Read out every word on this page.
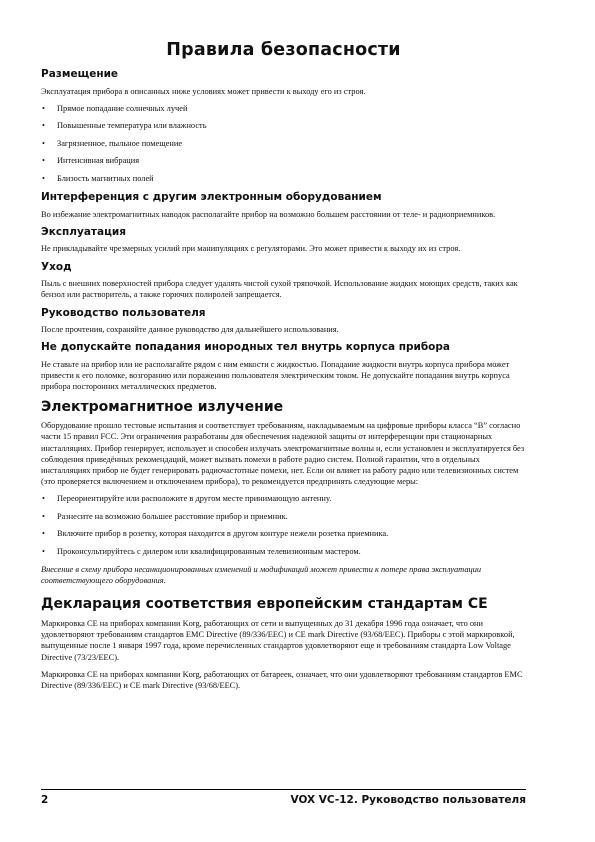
Правила безопасности
Размещение

Эксплуатация прибора в описанных ниже условиях может привести к выходу его из строя.

• Прямое попадание солнечных лучей
• Повышенные температура или влажность
• Загрязненное, пыльное помещение
• Интенсивная вибрация
• Близость магнитных полей
Интерференция с другим электронным оборудованием

Во избежание электромагнитных наводок располагайте прибор на возможно большем расстоянии от теле- и радиоприемников.

Эксплуатация

Не прикладывайте чрезмерных усилий при манипуляциях с регуляторами. Это может привести к выходу их из строя.

Уход

Пыль с внешних поверхностей прибора следует удалять чистой сухой тряпочкой. Использование жидких моющих средств, таких как бензол или растворитель, а также горючих полиролей запрещается.

Руководство пользователя

После прочтения, сохраняйте данное руководство для дальнейшего использования.

Не допускайте попадания инородных тел внутрь корпуса прибора

Не ставьте на прибор или не располагайте рядом с ним емкости с жидкостью. Попадание жидкости внутрь корпуса прибора может привести к его поломке, возгоранию или поражению пользователя электрическим током. Не допускайте попадания внутрь корпуса прибора посторонних металлических предметов.

Электромагнитное излучение

Оборудование прошло тестовые испытания и соответствует требованиям, накладываемым на цифровые приборы класса “B” согласно части 15 правил FCC. Эти ограничения разработаны для обеспечения надежной защиты от интерференции при стационарных инсталляциях. Прибор генерирует, использует и способен излучать электромагнитные волны и, если установлен и эксплуатируется без соблюдения приведённых рекомендаций, может вызвать помехи в работе радио систем. Полной гарантии, что в отдельных инсталляциях прибор не будет генерировать радиочастотные помехи, нет. Если он влияет на работу радио или телевизионных систем (это проверяется включением и отключением прибора), то рекомендуется предпринять следующие меры:

• Переориентируйте или расположите в другом месте принимающую антенну.
• Разнесите на возможно большее расстояние прибор и приемник.
• Включите прибор в розетку, которая находится в другом контуре нежели розетка приемника.
• Проконсультируйтесь с дилером или квалифицированным телевизионным мастером.

Внесение в схему прибора несанкционированных изменений и модификаций может привести к потере права эксплуатации соответствующего оборудования.

Декларация соответствия европейским стандартам CE

Маркировка CE на приборах компании Korg, работающих от сети и выпущенных до 31 декабря 1996 года означает, что они удовлетворяют требованиям стандартов EMC Directive (89/336/EEC) и CE mark Directive (93/68/EEC). Приборы с этой маркировкой, выпущенные после 1 января 1997 года, кроме перечисленных стандартов удовлетворяют еще и требованиям стандарта Low Voltage Directive (73/23/EEC).

Маркировка CE на приборах компании Korg, работающих от батареек, означает, что они удовлетворяют требованиям стандартов EMC Directive (89/336/EEC) и CE mark Directive (93/68/EEC).

2	VOX VC-12. Руководство пользователя
